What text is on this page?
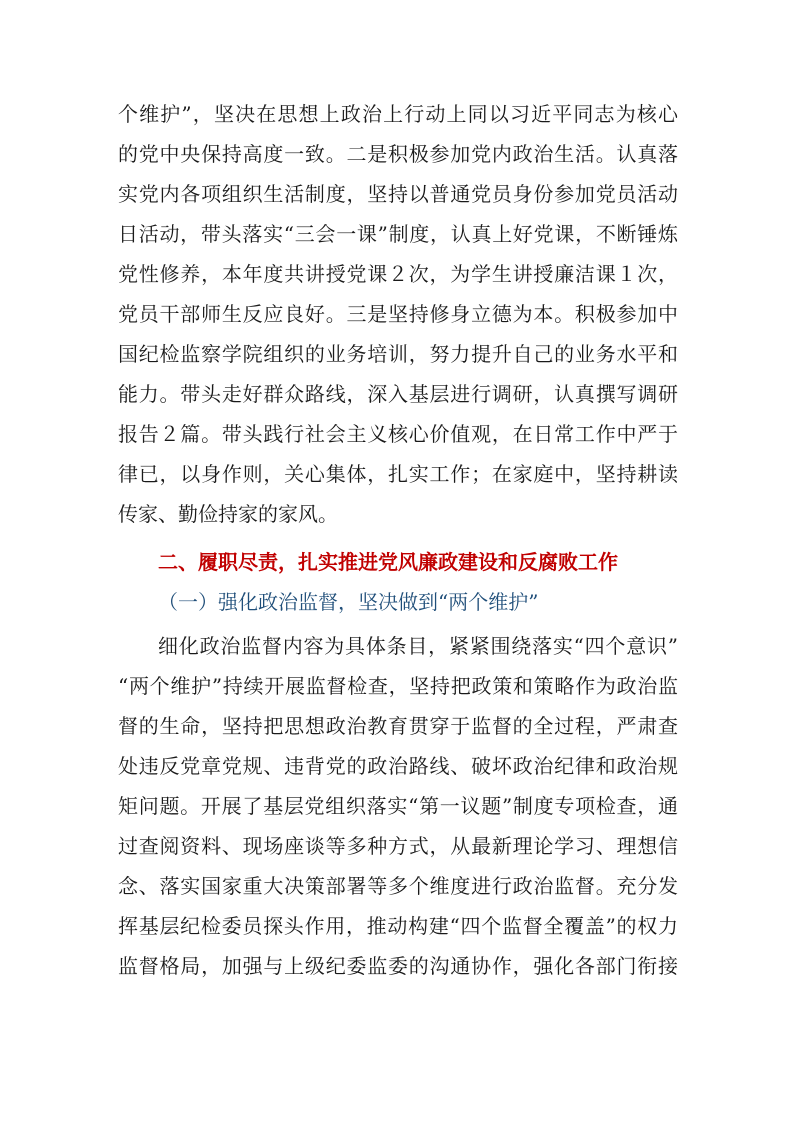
个维护”，坚决在思想上政治上行动上同以习近平同志为核心
的党中央保持高度一致。二是积极参加党内政治生活。认真落
实党内各项组织生活制度，坚持以普通党员身份参加党员活动
日活动，带头落实“三会一课”制度，认真上好党课，不断锤炼
党性修养，本年度共讲授党课２次，为学生讲授廉洁课１次，
党员干部师生反应良好。三是坚持修身立德为本。积极参加中
国纪检监察学院组织的业务培训，努力提升自己的业务水平和
能力。带头走好群众路线，深入基层进行调研，认真撰写调研
报告２篇。带头践行社会主义核心价值观，在日常工作中严于
律已，以身作则，关心集体，扎实工作；在家庭中，坚持耕读
传家、勤俭持家的家风。
二、履职尽责，扎实推进党风廉政建设和反腐败工作
（一）强化政治监督，坚决做到“两个维护”
细化政治监督内容为具体条目，紧紧围绕落实“四个意识”
“两个维护”持续开展监督检查，坚持把政策和策略作为政治监
督的生命，坚持把思想政治教育贯穿于监督的全过程，严肃查
处违反党章党规、违背党的政治路线、破坏政治纪律和政治规
矩问题。开展了基层党组织落实“第一议题”制度专项检查，通
过查阅资料、现场座谈等多种方式，从最新理论学习、理想信
念、落实国家重大决策部署等多个维度进行政治监督。充分发
挥基层纪检委员探头作用，推动构建“四个监督全覆盖”的权力
监督格局，加强与上级纪委监委的沟通协作，强化各部门衔接
